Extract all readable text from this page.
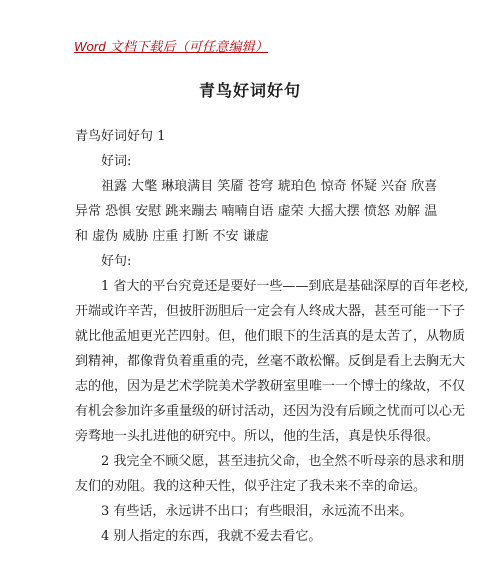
Word 文档下载后（可任意编辑）
青鸟好词好句

青鸟好词好句 1

好词:

祖露 大氅 琳琅满目 笑靥 苍穹 琥珀色 惊奇 怀疑 兴奋 欣喜
异常 恐惧 安慰 跳来蹦去 喃喃自语 虚荣 大摇大摆 愤怒 劝解 温
和 虚伪 威胁 庄重 打断 不安 谦虚

好句:

1 省大的平台究竟还是要好一些——到底是基础深厚的百年老校,
开端或许辛苦，但披肝沥胆后一定会有人终成大器，甚至可能一下子
就比他孟旭更光芒四射。但，他们眼下的生活真的是太苦了，从物质
到精神，都像背负着重重的壳，丝毫不敢松懈。反倒是看上去胸无大
志的他，因为是艺术学院美术学教研室里唯一一个博士的缘故，不仅
有机会参加许多重量级的研讨活动，还因为没有后顾之忧而可以心无
旁骛地一头扎进他的研究中。所以，他的生活，真是快乐得很。
2 我完全不顾父愿，甚至违抗父命，也全然不听母亲的恳求和朋
友们的劝阻。我的这种天性，似乎注定了我未来不幸的命运。
3 有些话，永远讲不出口；有些眼泪，永远流不出来。
4 别人指定的东西，我就不爱去看它。
